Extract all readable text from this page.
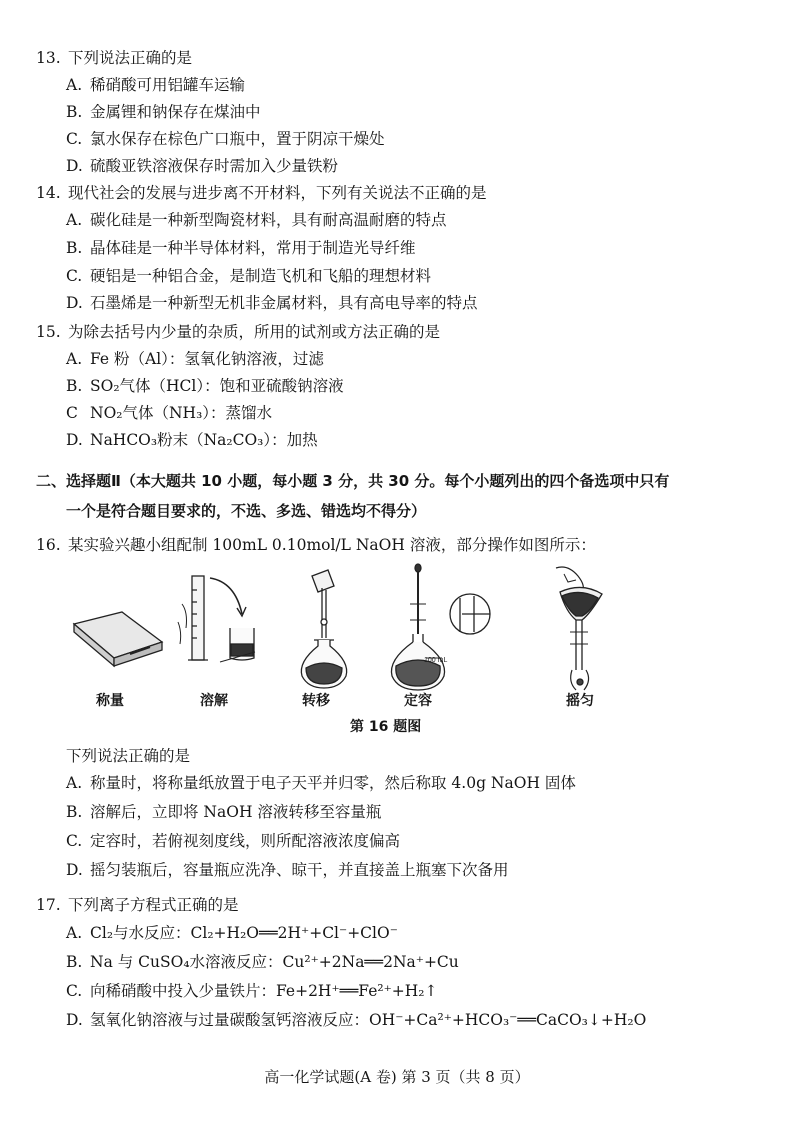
13. 下列说法正确的是
A. 稀硝酸可用铝罐车运输
B. 金属锂和钠保存在煤油中
C. 氯水保存在棕色广口瓶中，置于阴凉干燥处
D. 硫酸亚铁溶液保存时需加入少量铁粉
14. 现代社会的发展与进步离不开材料，下列有关说法不正确的是
A. 碳化硅是一种新型陶瓷材料，具有耐高温耐磨的特点
B. 晶体硅是一种半导体材料，常用于制造光导纤维
C. 硬铝是一种铝合金，是制造飞机和飞船的理想材料
D. 石墨烯是一种新型无机非金属材料，具有高电导率的特点
15. 为除去括号内少量的杂质，所用的试剂或方法正确的是
A. Fe 粉（Al）：氢氧化钠溶液，过滤
B. SO₂气体（HCl）：饱和亚硫酸钠溶液
C NO₂气体（NH₃）：蒸馏水
D. NaHCO₃粉末（Na₂CO₃）：加热
二、选择题Ⅱ（本大题共 10 小题，每小题 3 分，共 30 分。每个小题列出的四个备选项中只有
一个是符合题目要求的，不选、多选、错选均不得分）
16. 某实验兴趣小组配制 100mL 0.10mol/L NaOH 溶液，部分操作如图所示：
100 mL
称量	溶解	转移	定容	摇匀
第 16 题图
下列说法正确的是
A. 称量时，将称量纸放置于电子天平并归零，然后称取 4.0g NaOH 固体
B. 溶解后，立即将 NaOH 溶液转移至容量瓶
C. 定容时，若俯视刻度线，则所配溶液浓度偏高
D. 摇匀装瓶后，容量瓶应洗净、晾干，并直接盖上瓶塞下次备用
17. 下列离子方程式正确的是
A. Cl₂与水反应：Cl₂+H₂O══2H⁺+Cl⁻+ClO⁻
B. Na 与 CuSO₄水溶液反应：Cu²⁺+2Na══2Na⁺+Cu
C. 向稀硝酸中投入少量铁片：Fe+2H⁺══Fe²⁺+H₂↑
D. 氢氧化钠溶液与过量碳酸氢钙溶液反应：OH⁻+Ca²⁺+HCO₃⁻══CaCO₃↓+H₂O
高一化学试题(A 卷) 第 3 页（共 8 页）
